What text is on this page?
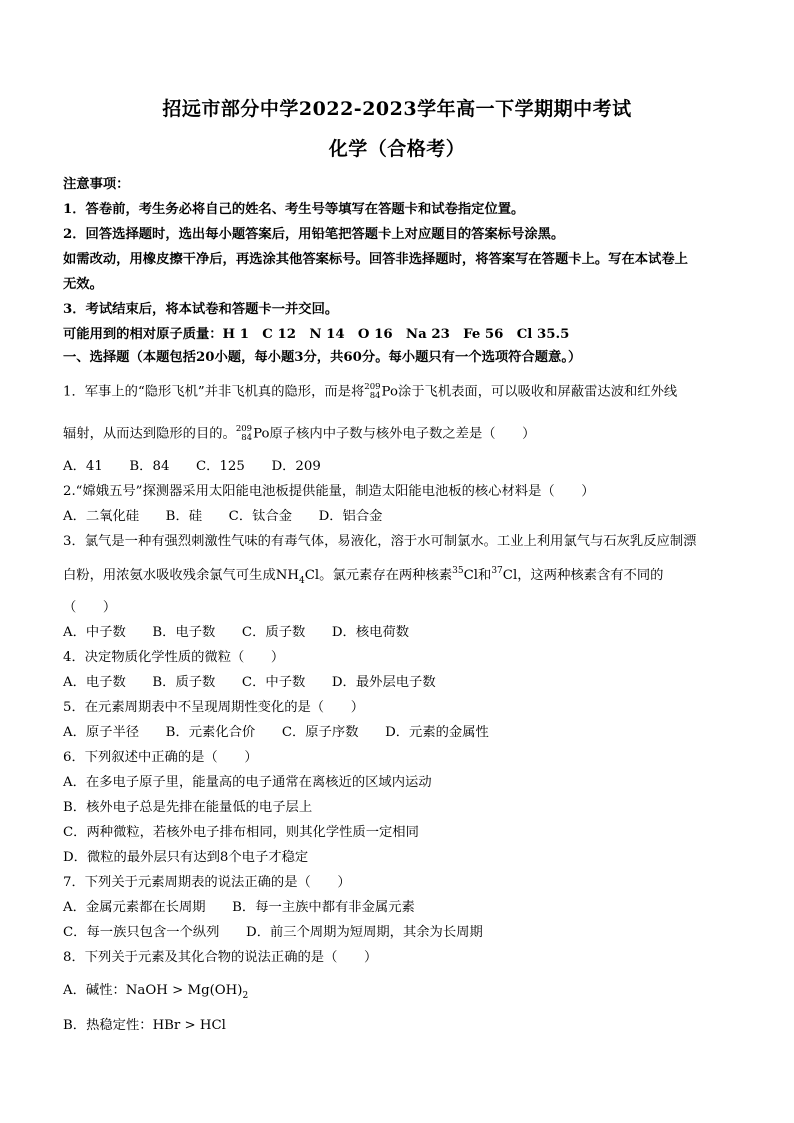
招远市部分中学2022-2023学年高一下学期期中考试
化学（合格考）
注意事项：
1．答卷前，考生务必将自己的姓名、考生号等填写在答题卡和试卷指定位置。
2．回答选择题时，选出每小题答案后，用铅笔把答题卡上对应题目的答案标号涂黑。
如需改动，用橡皮擦干净后，再选涂其他答案标号。回答非选择题时，将答案写在答题卡上。写在本试卷上
无效。
3．考试结束后，将本试卷和答题卡一并交回。
可能用到的相对原子质量：H 1　C 12　N 14　O 16　Na 23　Fe 56　Cl 35.5
一、选择题（本题包括20小题，每小题3分，共60分。每小题只有一个选项符合题意。）
1．军事上的“隐形飞机”并非飞机真的隐形，而是将 209
84 Po涂于飞机表面，可以吸收和屏蔽雷达波和红外线
辐射，从而达到隐形的目的。 209
84 Po原子核内中子数与核外电子数之差是（　　）
A．41　　B．84　　C．125　　D．209
2.“嫦娥五号”探测器采用太阳能电池板提供能量，制造太阳能电池板的核心材料是（　　）
A．二氧化硅　　B．硅　　C．钛合金　　D．铝合金
3．氯气是一种有强烈刺激性气味的有毒气体，易液化，溶于水可制氯水。工业上利用氯气与石灰乳反应制漂
白粉，用浓氨水吸收残余氯气可生成$NH_4Cl$。氯元素存在两种核素$^{35}$Cl和$^{37}$Cl，这两种核素含有不同的
（　　）
A．中子数　　B．电子数　　C．质子数　　D．核电荷数
4．决定物质化学性质的微粒（　　）
A．电子数　　B．质子数　　C．中子数　　D．最外层电子数
5．在元素周期表中不呈现周期性变化的是（　　）
A．原子半径　　B．元素化合价　　C．原子序数　　D．元素的金属性
6．下列叙述中正确的是（　　）
A．在多电子原子里，能量高的电子通常在离核近的区域内运动
B．核外电子总是先排在能量低的电子层上
C．两种微粒，若核外电子排布相同，则其化学性质一定相同
D．微粒的最外层只有达到8个电子才稳定
7．下列关于元素周期表的说法正确的是（　　）
A．金属元素都在长周期　　B．每一主族中都有非金属元素
C．每一族只包含一个纵列　　D．前三个周期为短周期，其余为长周期
8．下列关于元素及其化合物的说法正确的是（　　）
A．碱性：NaOH > $Mg(OH)_2$
B．热稳定性：HBr > HCl
